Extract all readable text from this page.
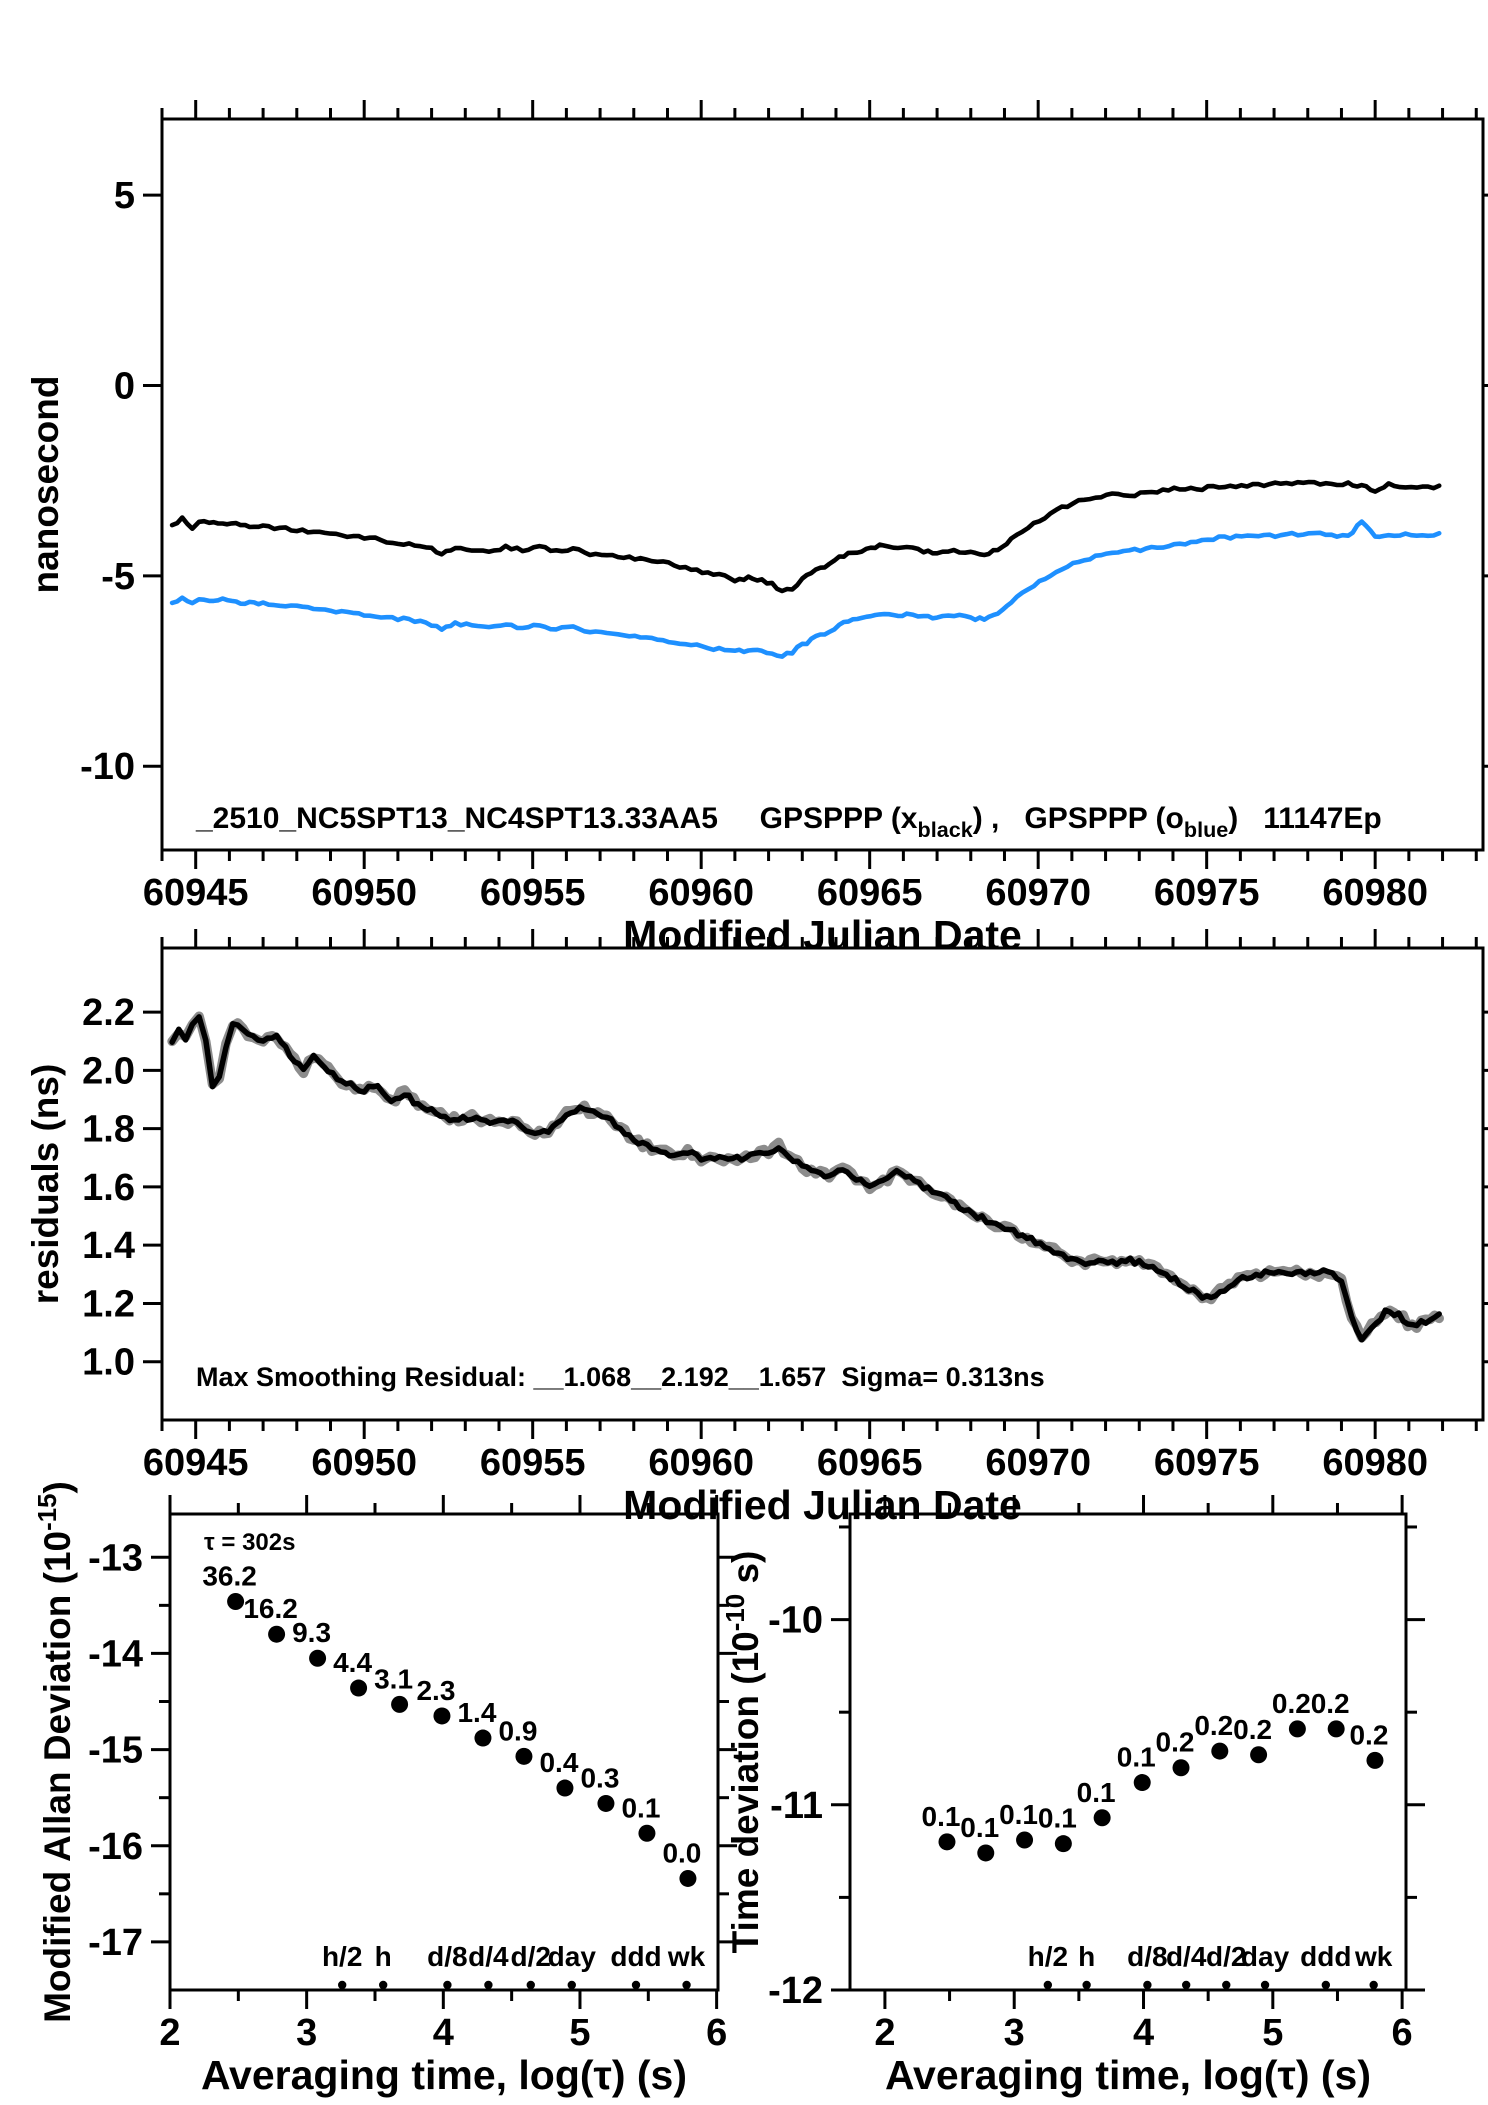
60945 60950 60955 60960 60965 60970 60975 60980
5
0
-5
-10
Modified Julian Date
nanosecond
_2510_NC5SPT13_NC4SPT13.33AA5     GPSPPP $(x_{black})$ ,   GPSPPP $(o_{blue})$   11147Ep
60945 60950 60955 60960 60965 60970 60975 60980
2.2
2.0
1.8
1.6
1.4
1.2
1.0
Modified Julian Date
residuals (ns)
Max Smoothing Residual: __1.068__2.192__1.657  Sigma= 0.313ns
2	3	4	5	6
-13
-14
-15
-16
-17
Averaging time, log(τ) (s)
Modified Allan Deviation $(10^{-15})$
τ = 302s
36.2
16.2
9.3
4.4
3.1 2.3
1.4
0.9
0.4 0.3
0.1
0.0
h/2 h d/8 d/4 d/2
day ddd wk
2	3	4	5	6
-10
-11
-12
Averaging time, log(τ) (s)
Time deviation ($10^{-10}$ s)
0.1 0.1 0.1 0.1
0.1
0.1 0.2
0.2 0.2
0.2 0.2
0.2
h/2 h d/8
d/4 d/2
day ddd wk
